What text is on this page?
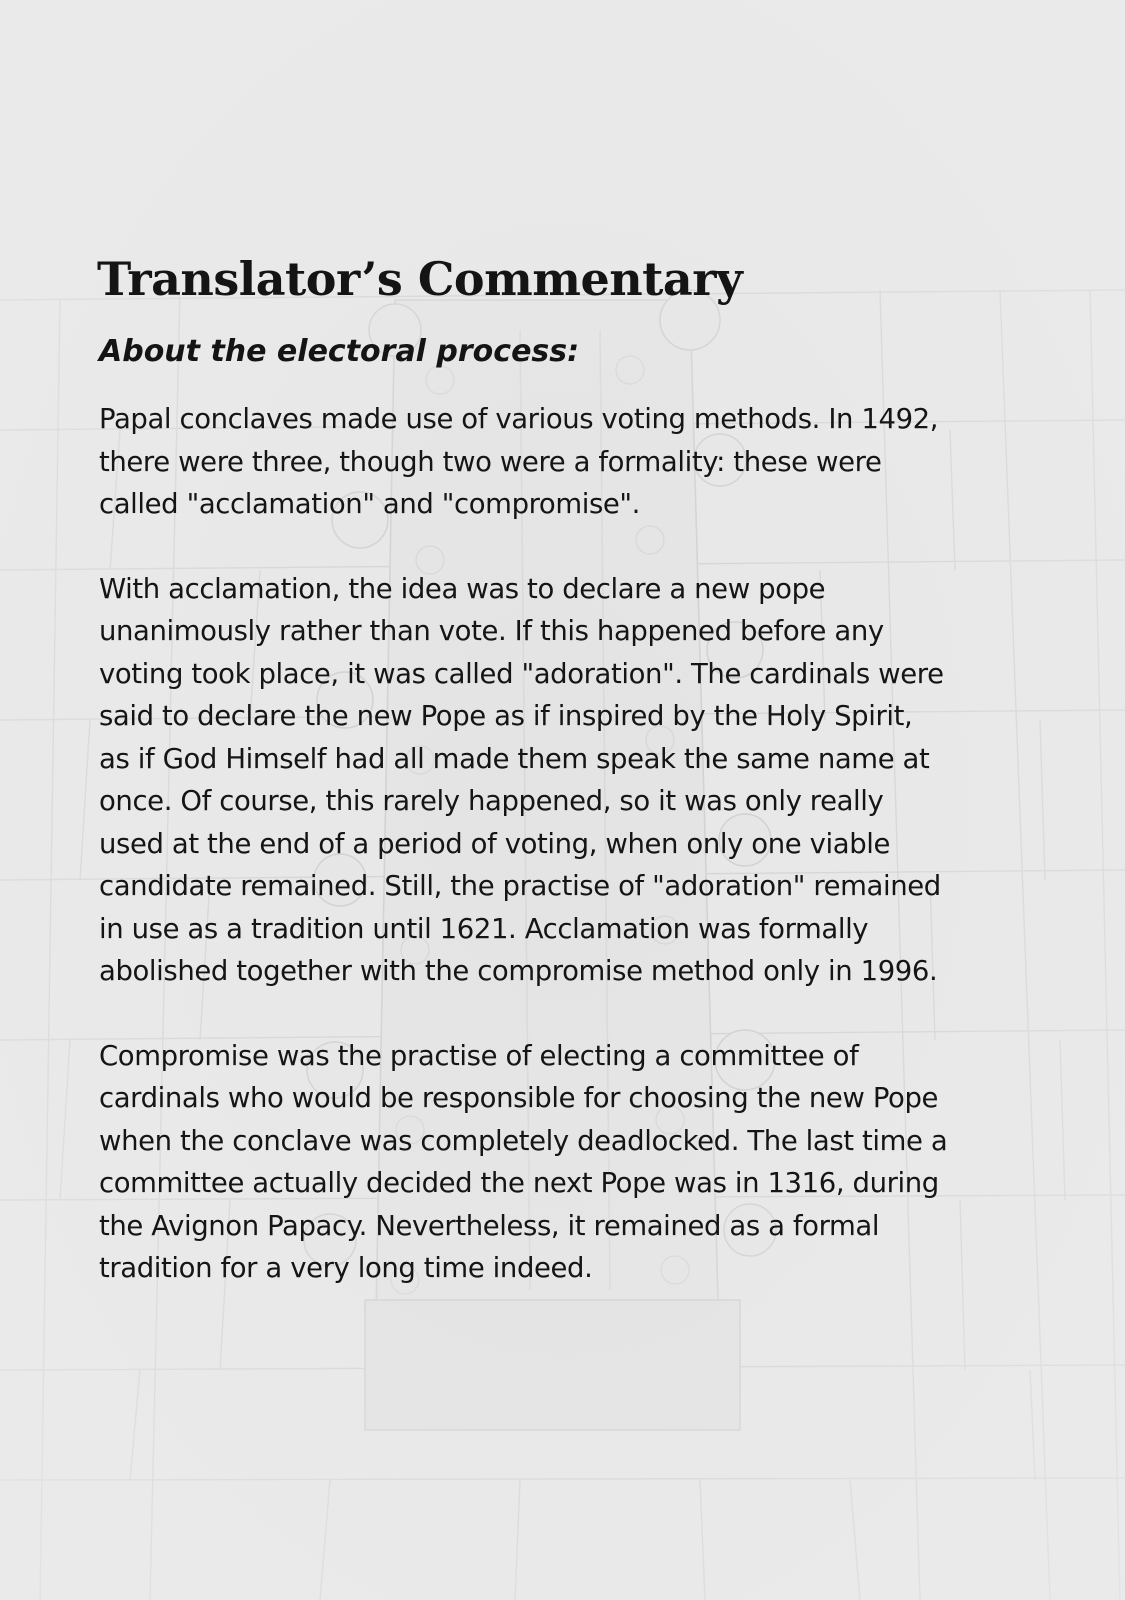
Translator’s Commentary
About the electoral process:

Papal conclaves made use of various voting methods. In 1492,
there were three, though two were a formality: these were
called "acclamation" and "compromise".

With acclamation, the idea was to declare a new pope
unanimously rather than vote. If this happened before any
voting took place, it was called "adoration". The cardinals were
said to declare the new Pope as if inspired by the Holy Spirit,
as if God Himself had all made them speak the same name at
once. Of course, this rarely happened, so it was only really
used at the end of a period of voting, when only one viable
candidate remained. Still, the practise of "adoration" remained
in use as a tradition until 1621. Acclamation was formally
abolished together with the compromise method only in 1996.

Compromise was the practise of electing a committee of
cardinals who would be responsible for choosing the new Pope
when the conclave was completely deadlocked. The last time a
committee actually decided the next Pope was in 1316, during
the Avignon Papacy. Nevertheless, it remained as a formal
tradition for a very long time indeed.
